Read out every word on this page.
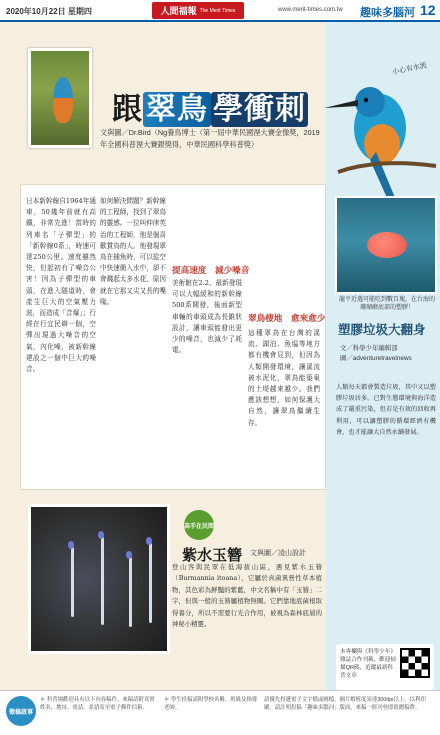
2020年10月22日 星期四	人間福報 The Merit Times	www.merit-times.com.tw 趣味多腦河 12
跟 翠鳥 學衝刺
小心有水流
文與圖／Dr.Bird（Ng養鳥博士（第一屆中華民國溼大賽金像獎，2019年全國科普溼大賽銀獎得，中華民國科學科普獎）
日本新幹線自1964年通車，50幾年前就有高鐵，非常先進！當時的列車名「子彈型」的「新幹線0系」，時速可達250公里。速度雖然快，但起初有了噪音公害！因為子彈型的車頭，在進入隧道時，會產生巨大的空氣壓力波，而造成「音爆」；行經在行宜民辯一個，空彈出現過大噪音的空氣，內化噪，被新幹線建設之一個中巨大的噪音。
如何解決問題？新幹線的工程師，找到了翠鳥的靈感。一位叫仲津英治的工程師，他是個喜歡賞鳥的人。他發現翠鳥在捕魚時，可以從空中快速衝入水中，卻不會濺起太多水花，原因就在它那又尖又長的嘴喙。
提高速度　減少噪音
美術館在2.2、最新發現可以大幅緩和的新幹線500系開發，後面新型車輛的車頭成為長錐狀設計，讓車頭能發出更少的噪音，也減少了耗電。
翠鳥棲地　愈來愈少
這種翠鳥在台灣的溪流、湖泊、魚塭等地方都有機會見到，但因為人類開發環境，讓溪流被水泥化，翠鳥能築巢的土堤越來越少。我們應該想想，如何保護大自然，讓翠鳥繼續生存。
高手在民間
紫水玉簪 文與圖／凌山設計
登山客與民眾在低海拔山區，遇見紫水玉簪（Burmannia itoana），它屬於真菌異營性草本植物，其色彩為鮮豔的紫藍，中文名稱中有「玉簪」二字，但與一般的玉簪屬植物無關。它們靠地底菌根取得養分，所以不需要行光合作用，被視為森林底層的神秘小精靈。
龍平近遇可能吃到數百塊，在台海的珊瑚礁底部的塑膠！
塑膠垃圾大翻身
文／科學少年編輯部
圖／adventuretravelnews
人類每天都會製造垃圾，其中又以塑膠垃圾居多。已對生態環境與海洋造成了嚴重污染，但若是有效的回收再利用，可以讓塑膠的循環經濟有機會，也才能讓大自然永續發展。
本專欄與《科學少年》雜誌合作刊載，歡迎掃描QR碼，追蹤最新科普文章
徵稿啟事
＊ 科普園歡迎具有以下內容稿件，來稿請附真實姓名、地址、電話，並請寄至電子郵件信箱。
＊ 學生投稿請附學校名稱、班級及指導老師。
請優先投遞電子文字檔或圖檔，圖片解析度須達300dpi以上，以利印刷。請註明投稿「趣味多腦河」版面，來稿一經刊登即致贈稿費。
